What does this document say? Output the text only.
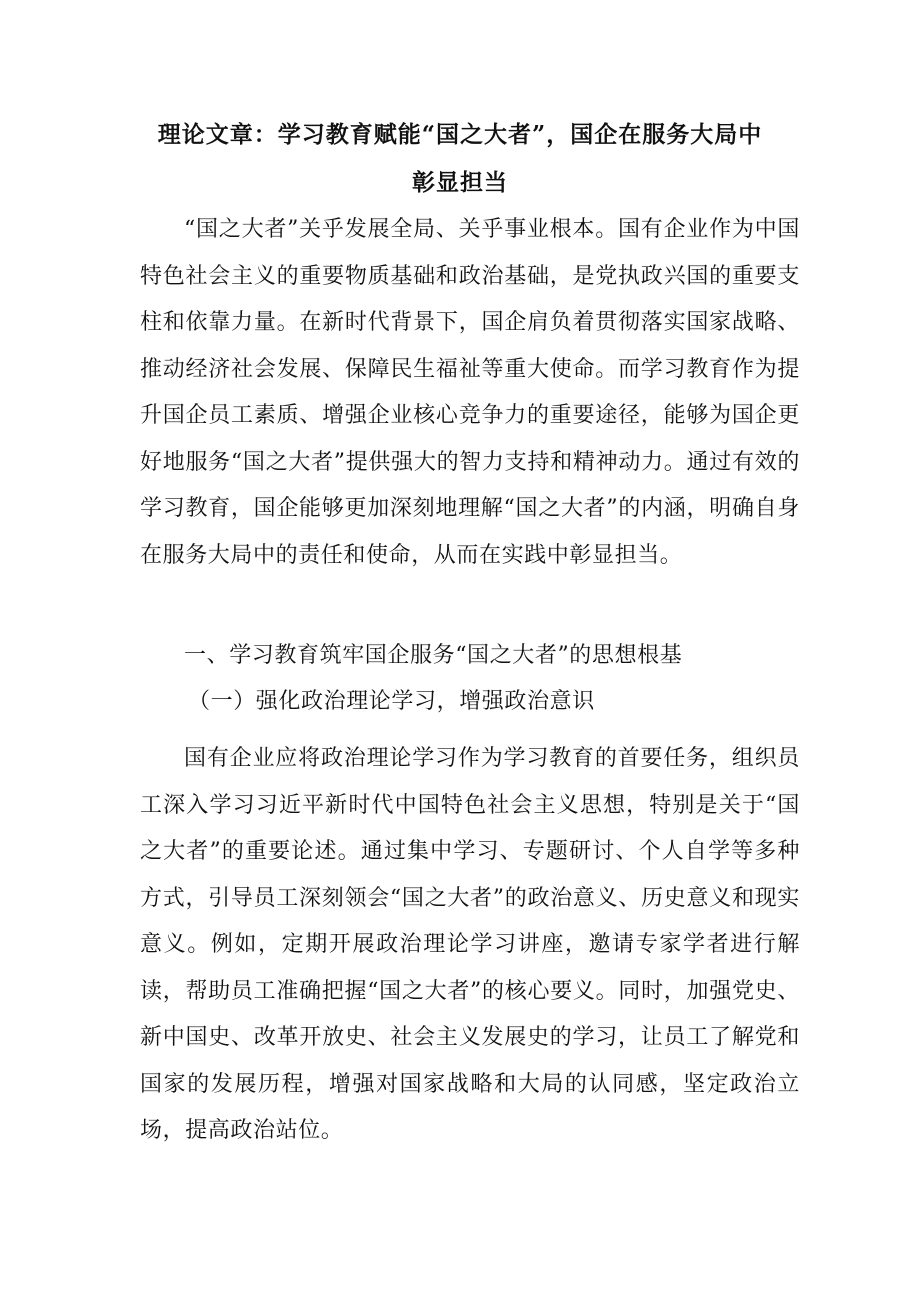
理论文章：学习教育赋能“国之大者”，国企在服务大局中
彰显担当

“国之大者”关乎发展全局、关乎事业根本。国有企业作为中国特色社会主义的重要物质基础和政治基础，是党执政兴国的重要支柱和依靠力量。在新时代背景下，国企肩负着贯彻落实国家战略、推动经济社会发展、保障民生福祉等重大使命。而学习教育作为提升国企员工素质、增强企业核心竞争力的重要途径，能够为国企更好地服务“国之大者”提供强大的智力支持和精神动力。通过有效的学习教育，国企能够更加深刻地理解“国之大者”的内涵，明确自身在服务大局中的责任和使命，从而在实践中彰显担当。

一、学习教育筑牢国企服务“国之大者”的思想根基
（一）强化政治理论学习，增强政治意识

国有企业应将政治理论学习作为学习教育的首要任务，组织员工深入学习习近平新时代中国特色社会主义思想，特别是关于“国之大者”的重要论述。通过集中学习、专题研讨、个人自学等多种方式，引导员工深刻领会“国之大者”的政治意义、历史意义和现实意义。例如，定期开展政治理论学习讲座，邀请专家学者进行解读，帮助员工准确把握“国之大者”的核心要义。同时，加强党史、新中国史、改革开放史、社会主义发展史的学习，让员工了解党和国家的发展历程，增强对国家战略和大局的认同感，坚定政治立场，提高政治站位。
